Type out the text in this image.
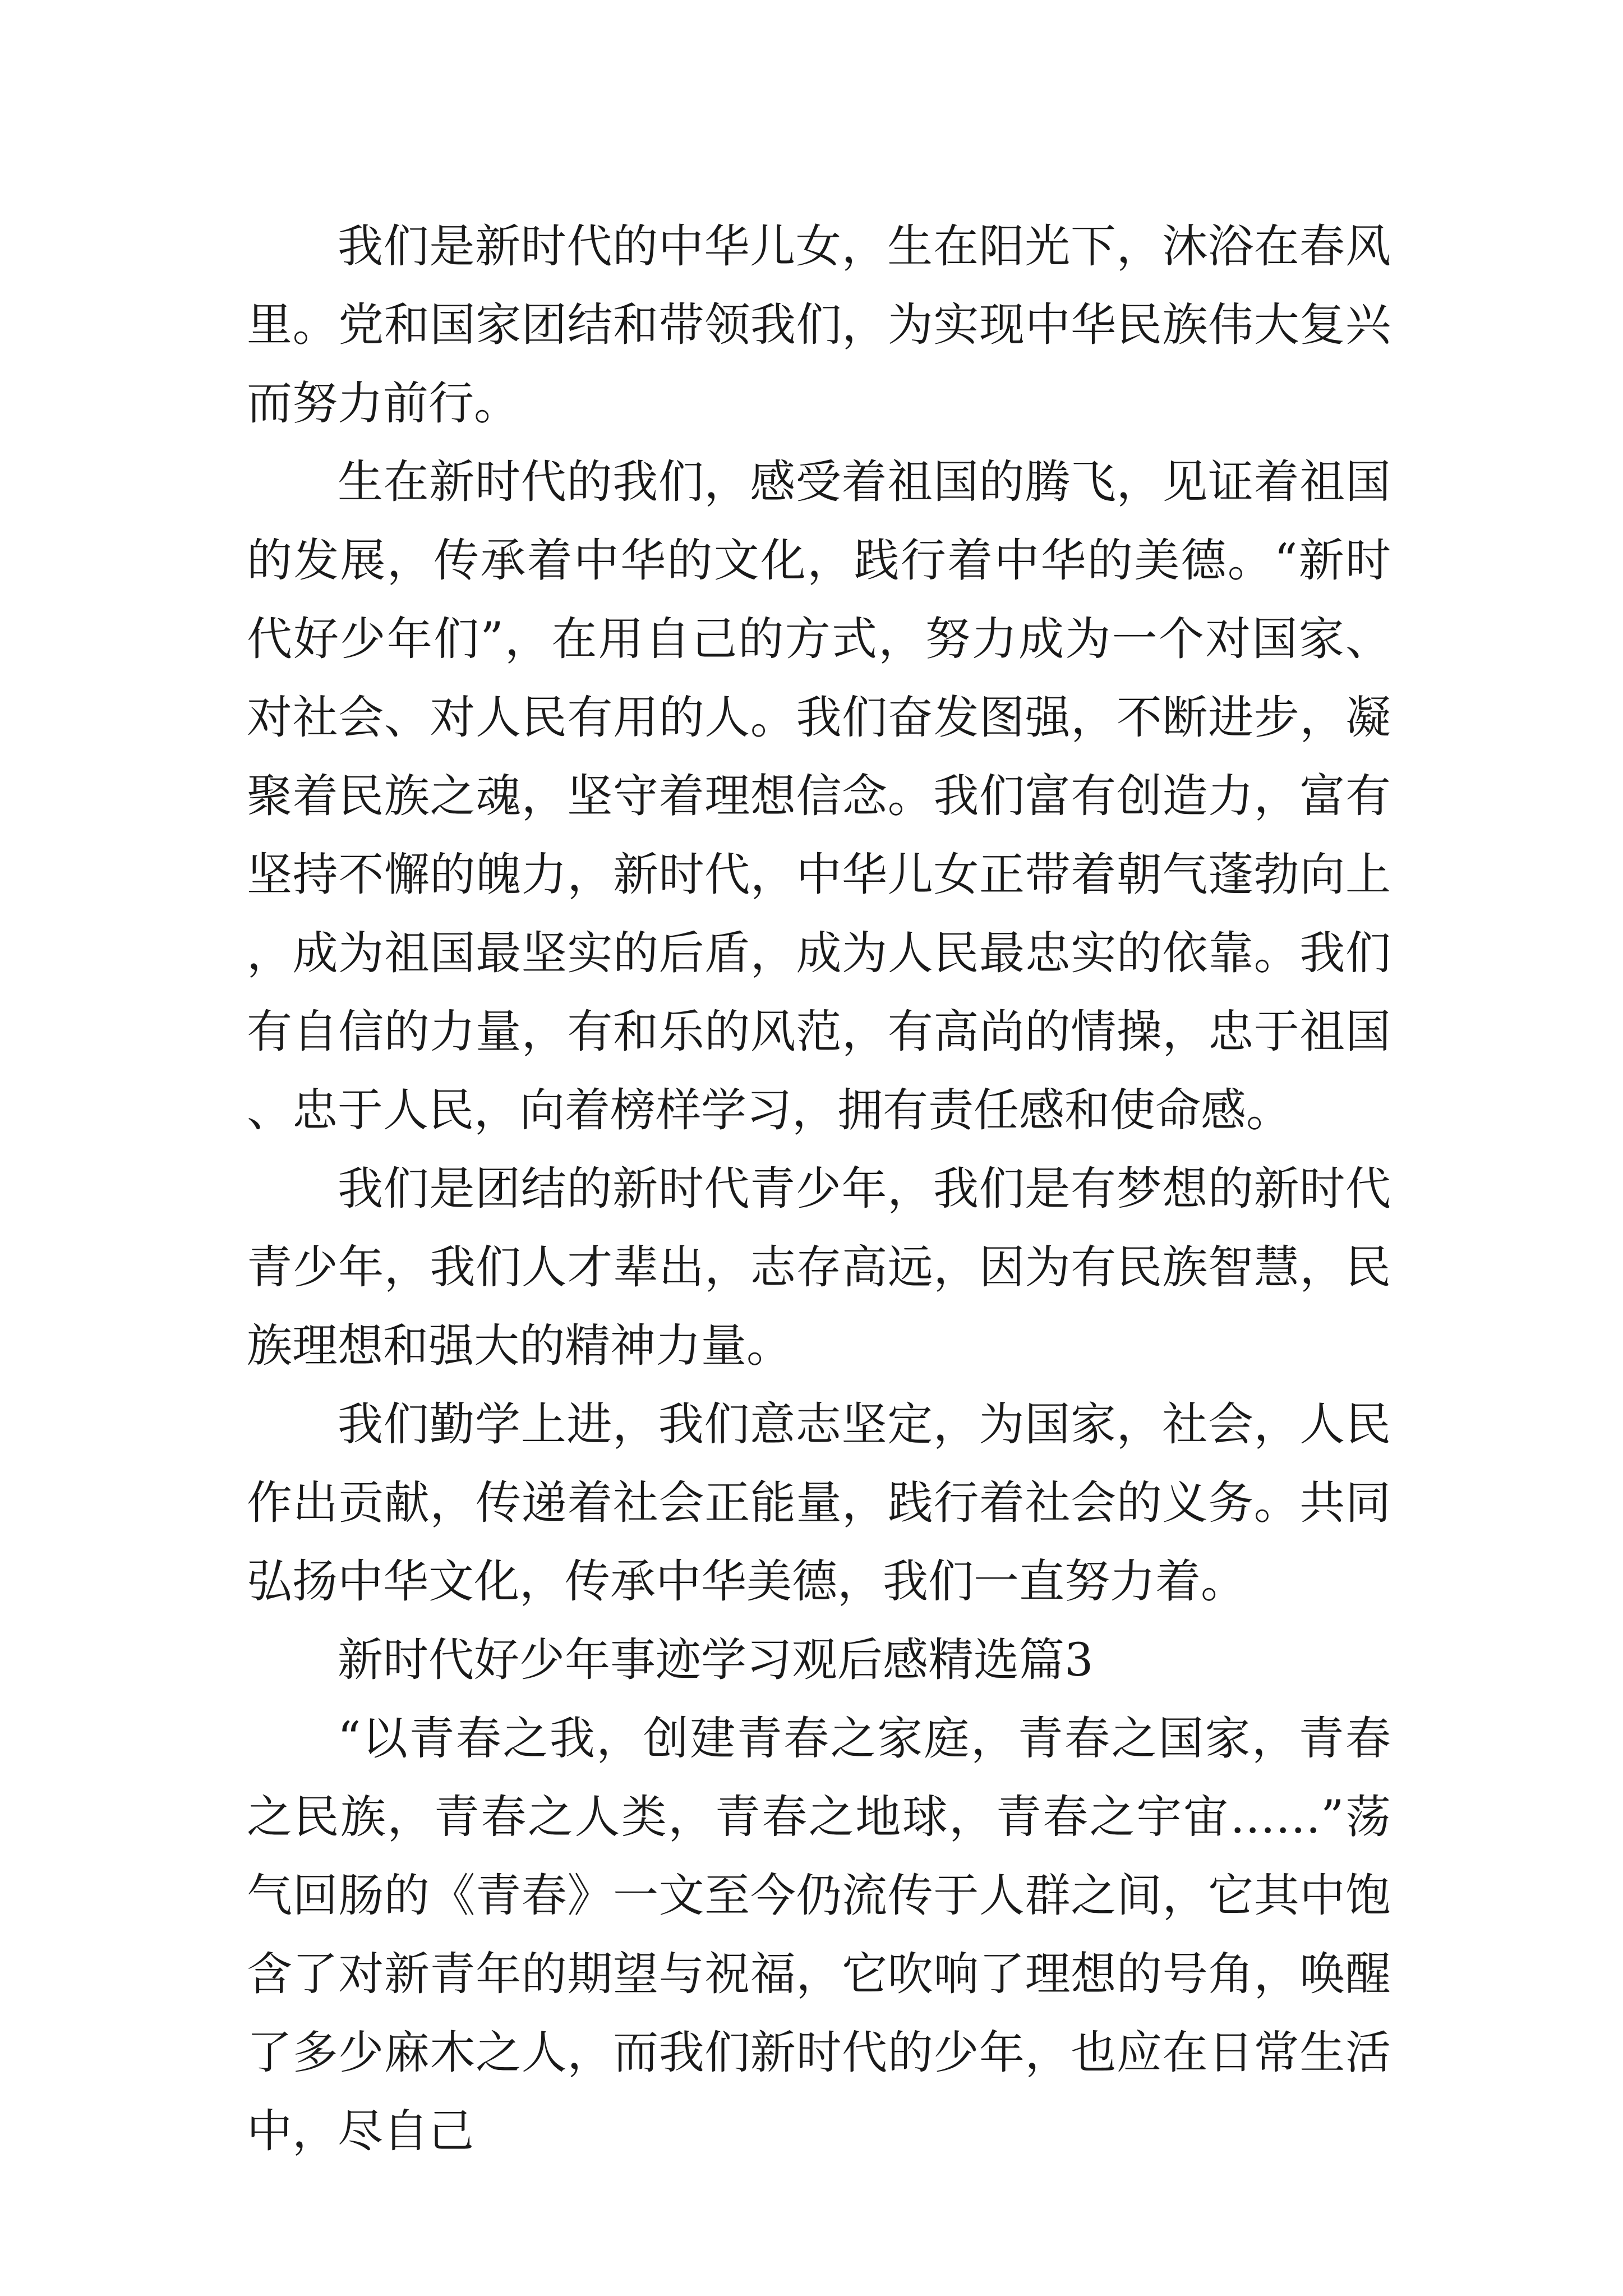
我们是新时代的中华儿女，生在阳光下，沐浴在春风里。党和国家团结和带领我们，为实现中华民族伟大复兴而努力前行。

生在新时代的我们，感受着祖国的腾飞，见证着祖国的发展，传承着中华的文化，践行着中华的美德。“新时代好少年们”，在用自己的方式，努力成为一个对国家、对社会、对人民有用的人。我们奋发图强，不断进步，凝聚着民族之魂，坚守着理想信念。我们富有创造力，富有坚持不懈的魄力，新时代，中华儿女正带着朝气蓬勃向上，成为祖国最坚实的后盾，成为人民最忠实的依靠。我们有自信的力量，有和乐的风范，有高尚的情操，忠于祖国、忠于人民，向着榜样学习，拥有责任感和使命感。

我们是团结的新时代青少年，我们是有梦想的新时代青少年，我们人才辈出，志存高远，因为有民族智慧，民族理想和强大的精神力量。

我们勤学上进，我们意志坚定，为国家，社会，人民作出贡献，传递着社会正能量，践行着社会的义务。共同弘扬中华文化，传承中华美德，我们一直努力着。

新时代好少年事迹学习观后感精选篇3

“以青春之我，创建青春之家庭，青春之国家，青春之民族，青春之人类，青春之地球，青春之宇宙……”荡气回肠的《青春》一文至今仍流传于人群之间，它其中饱含了对新青年的期望与祝福，它吹响了理想的号角，唤醒了多少麻木之人，而我们新时代的少年，也应在日常生活中，尽自己
